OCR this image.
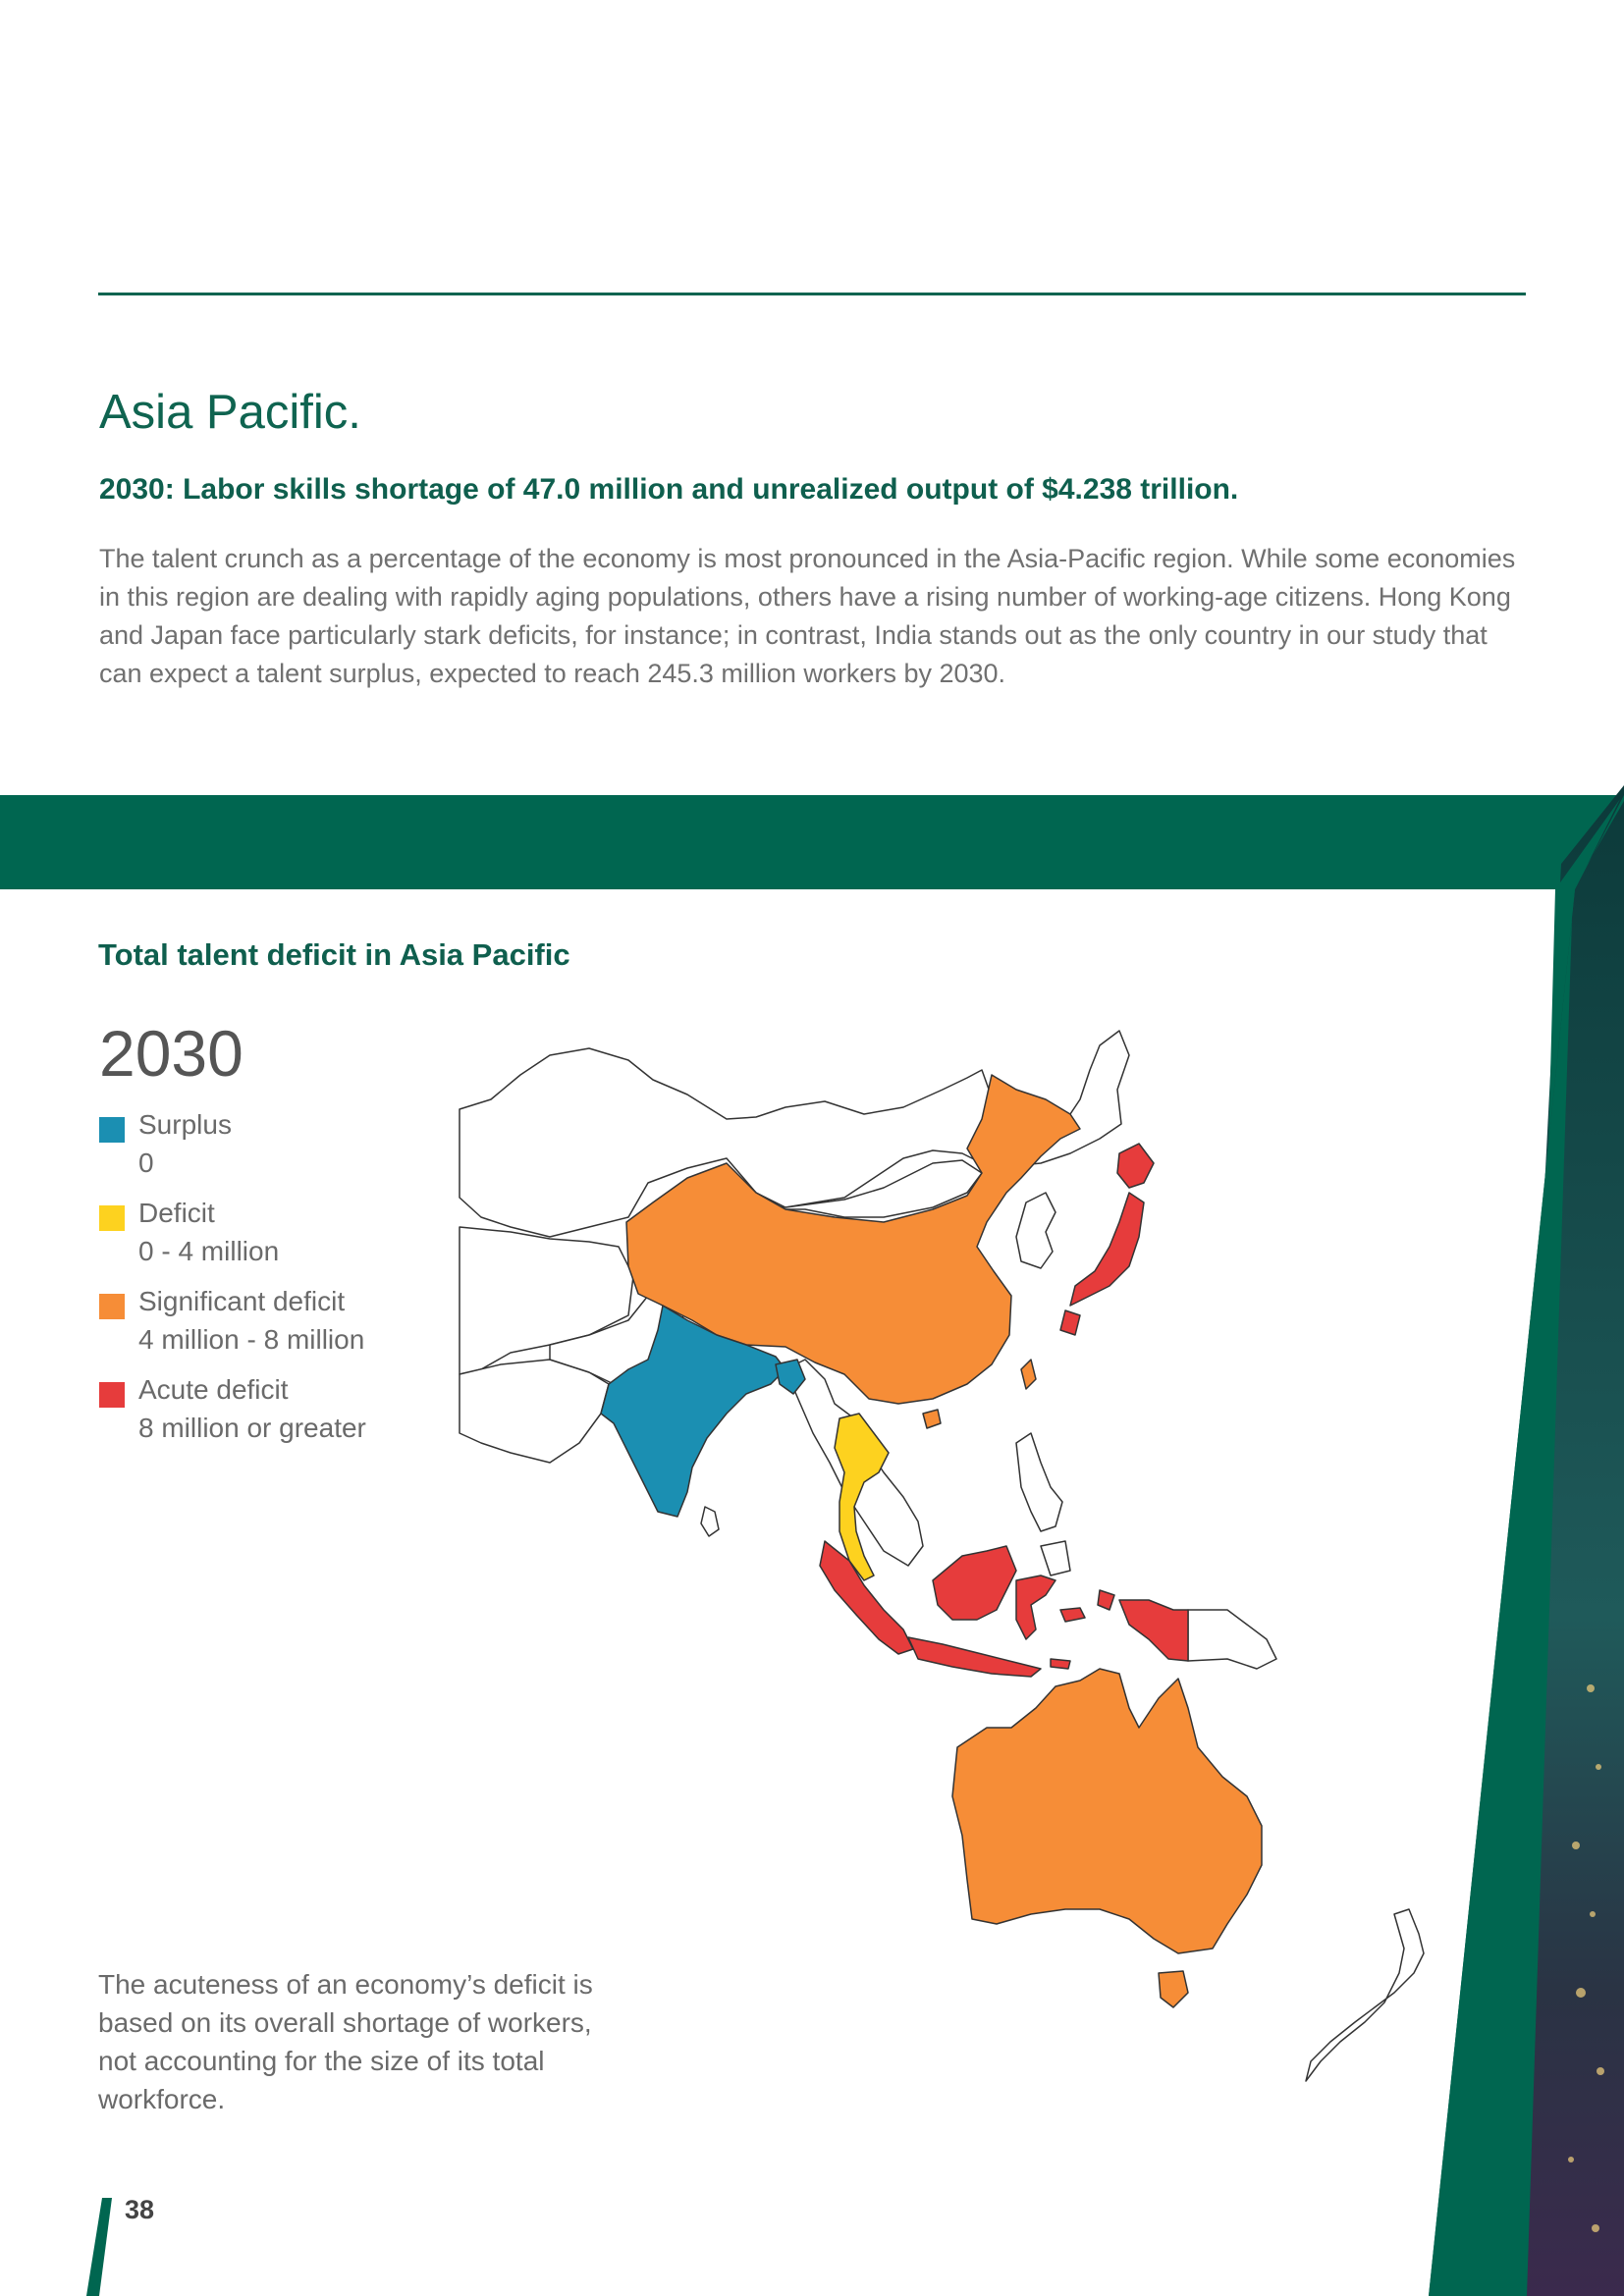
Asia Pacific.
2030: Labor skills shortage of 47.0 million and unrealized output of $4.238 trillion.

The talent crunch as a percentage of the economy is most pronounced in the Asia-Pacific region. While some economies in this region are dealing with rapidly aging populations, others have a rising number of working-age citizens. Hong Kong and Japan face particularly stark deficits, for instance; in contrast, India stands out as the only country in our study that can expect a talent surplus, expected to reach 245.3 million workers by 2030.

Total talent deficit in Asia Pacific
2030
Surplus
0
Deficit
0 - 4 million
Significant deficit
4 million - 8 million
Acute deficit
8 million or greater

The acuteness of an economy’s deficit is based on its overall shortage of workers, not accounting for the size of its total workforce.

38
